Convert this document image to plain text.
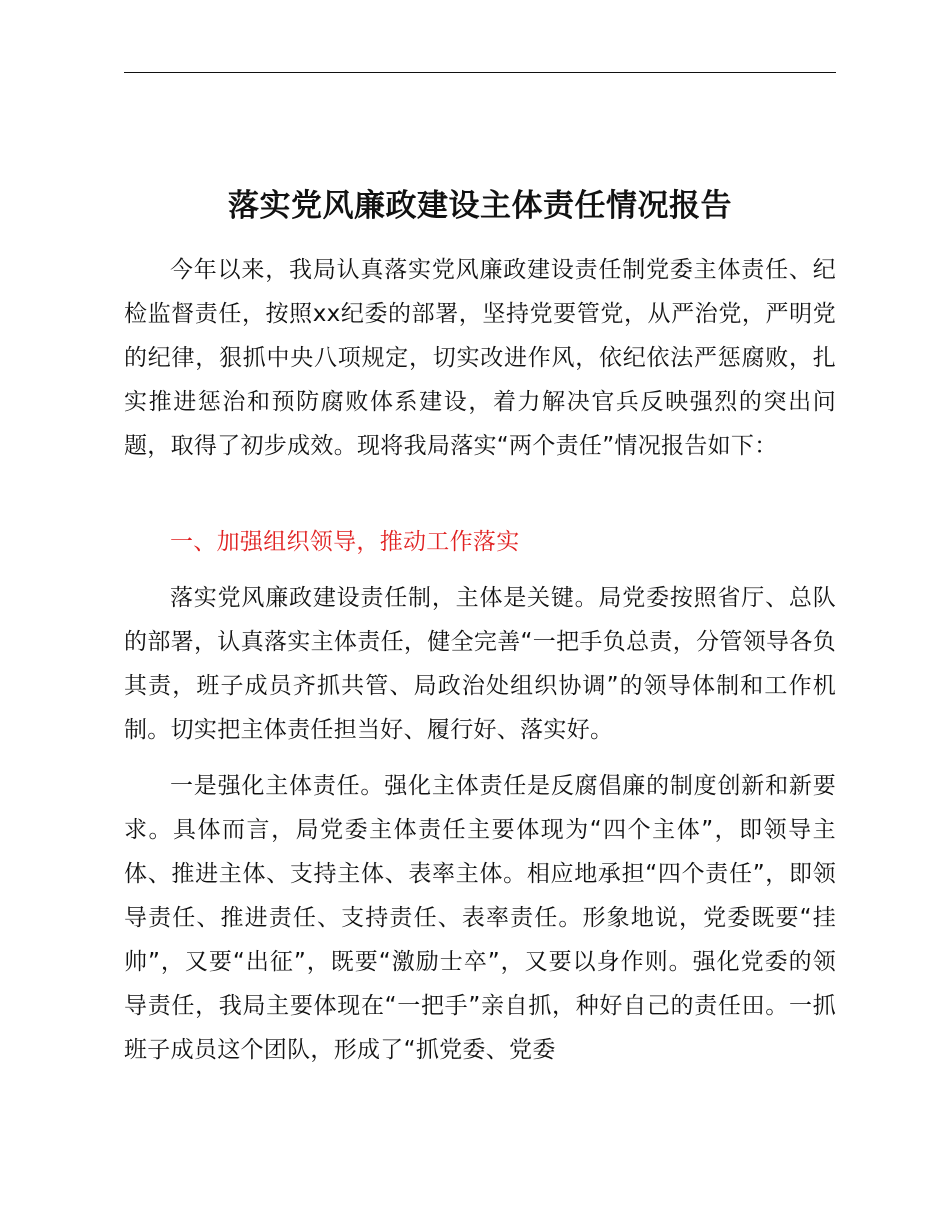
落实党风廉政建设主体责任情况报告
今年以来，我局认真落实党风廉政建设责任制党委主体责任、纪检监督责任，按照xx纪委的部署，坚持党要管党，从严治党，严明党的纪律，狠抓中央八项规定，切实改进作风，依纪依法严惩腐败，扎实推进惩治和预防腐败体系建设，着力解决官兵反映强烈的突出问题，取得了初步成效。现将我局落实“两个责任”情况报告如下：
一、加强组织领导，推动工作落实
落实党风廉政建设责任制，主体是关键。局党委按照省厅、总队的部署，认真落实主体责任，健全完善“一把手负总责，分管领导各负其责，班子成员齐抓共管、局政治处组织协调”的领导体制和工作机制。切实把主体责任担当好、履行好、落实好。
一是强化主体责任。强化主体责任是反腐倡廉的制度创新和新要求。具体而言，局党委主体责任主要体现为“四个主体”，即领导主体、推进主体、支持主体、表率主体。相应地承担“四个责任”，即领导责任、推进责任、支持责任、表率责任。形象地说，党委既要“挂帅”，又要“出征”，既要“激励士卒”，又要以身作则。强化党委的领导责任，我局主要体现在“一把手”亲自抓，种好自己的责任田。一抓班子成员这个团队，形成了“抓党委、党委
